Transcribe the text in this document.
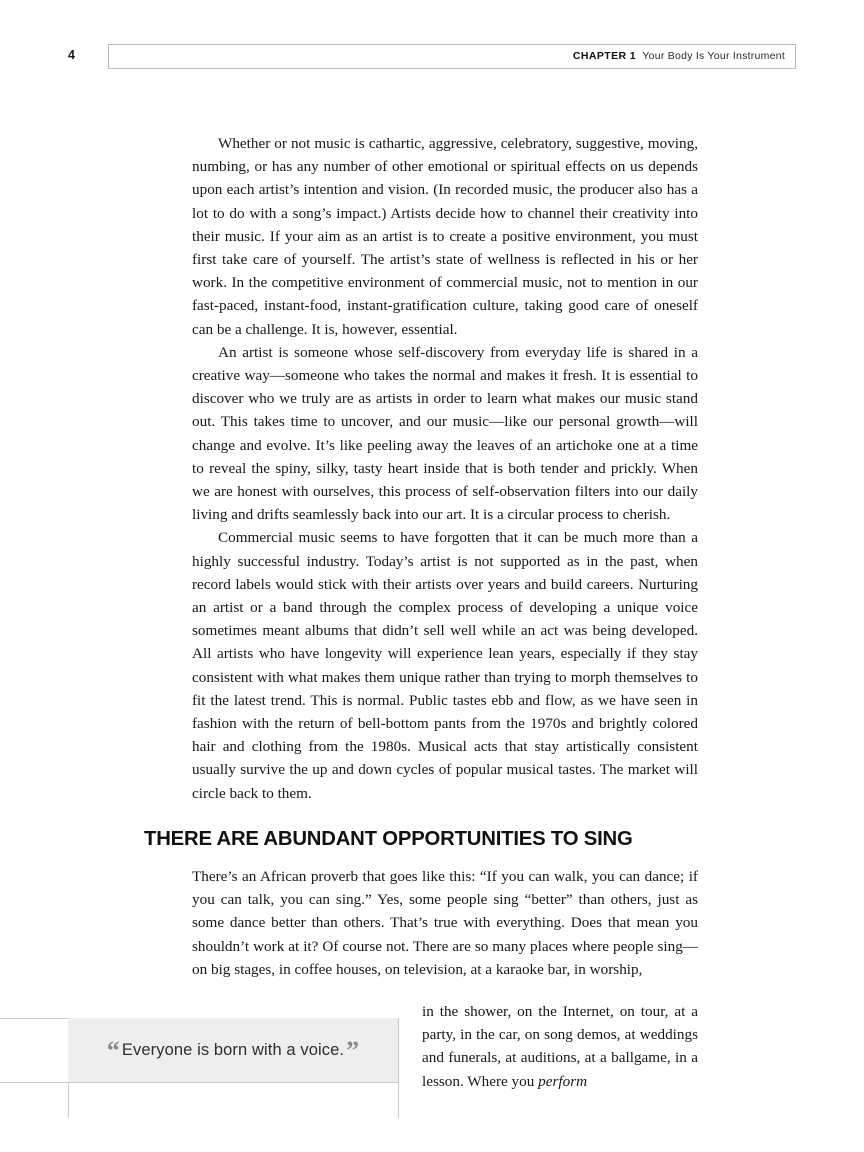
4	CHAPTER 1 Your Body Is Your Instrument

Whether or not music is cathartic, aggressive, celebratory, suggestive, moving, numbing, or has any number of other emotional or spiritual effects on us depends upon each artist’s intention and vision. (In recorded music, the producer also has a lot to do with a song’s impact.) Artists decide how to channel their creativity into their music. If your aim as an artist is to create a positive environment, you must first take care of yourself. The artist’s state of wellness is reflected in his or her work. In the competitive environment of commercial music, not to mention in our fast-paced, instant-food, instant-gratification culture, taking good care of oneself can be a challenge. It is, however, essential.

An artist is someone whose self-discovery from everyday life is shared in a creative way—someone who takes the normal and makes it fresh. It is essential to discover who we truly are as artists in order to learn what makes our music stand out. This takes time to uncover, and our music—like our personal growth—will change and evolve. It’s like peeling away the leaves of an artichoke one at a time to reveal the spiny, silky, tasty heart inside that is both tender and prickly. When we are honest with ourselves, this process of self-observation filters into our daily living and drifts seamlessly back into our art. It is a circular process to cherish.

Commercial music seems to have forgotten that it can be much more than a highly successful industry. Today’s artist is not supported as in the past, when record labels would stick with their artists over years and build careers. Nurturing an artist or a band through the complex process of developing a unique voice sometimes meant albums that didn’t sell well while an act was being developed. All artists who have longevity will experience lean years, especially if they stay consistent with what makes them unique rather than trying to morph themselves to fit the latest trend. This is normal. Public tastes ebb and flow, as we have seen in fashion with the return of bell-bottom pants from the 1970s and brightly colored hair and clothing from the 1980s. Musical acts that stay artistically consistent usually survive the up and down cycles of popular musical tastes. The market will circle back to them.

THERE ARE ABUNDANT OPPORTUNITIES TO SING

There’s an African proverb that goes like this: “If you can walk, you can dance; if you can talk, you can sing.” Yes, some people sing “better” than others, just as some dance better than others. That’s true with everything. Does that mean you shouldn’t work at it? Of course not. There are so many places where people sing—on big stages, in coffee houses, on television, at a karaoke bar, in worship,

in the shower, on the Internet, on tour, at a party, in the car, on song demos, at weddings and funerals, at auditions, at a ballgame, in a lesson. Where you perform
“ Everyone is born with a voice.”
